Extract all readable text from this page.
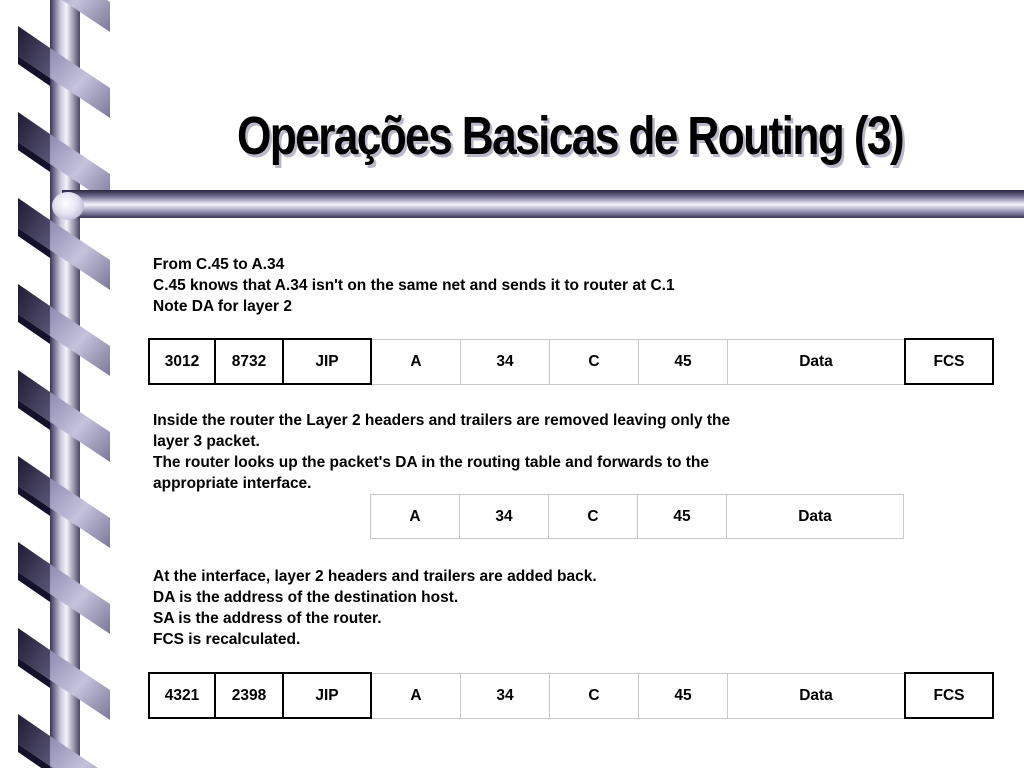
Operações Basicas de Routing (3)
From C.45 to A.34
C.45 knows that A.34 isn't on the same net and sends it to router at C.1
Note DA for layer 2
3012	8732	JIP	A	34	C	45	Data	FCS
Inside the router the Layer 2 headers and trailers are removed leaving only the
layer 3 packet.
The router looks up the packet's DA in the routing table and forwards to the
appropriate interface.
A	34	C	45	Data
At the interface, layer 2 headers and trailers are added back.
DA is the address of the destination host.
SA is the address of the router.
FCS is recalculated.
4321	2398	JIP	A	34	C	45	Data	FCS
